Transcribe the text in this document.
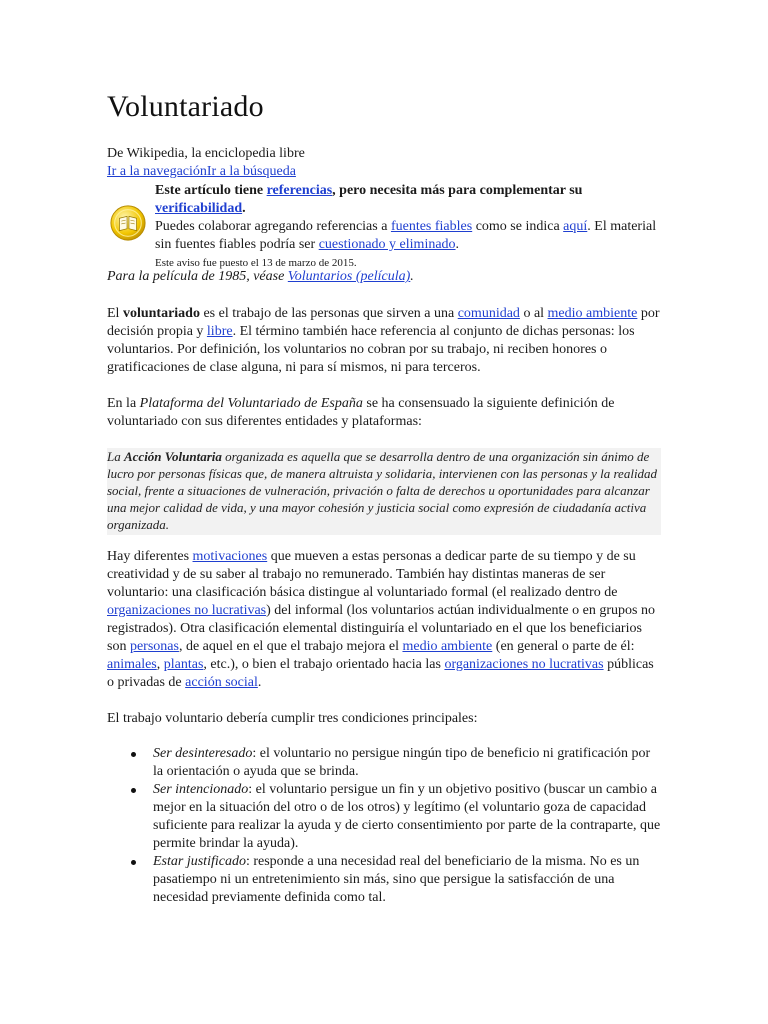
Voluntariado
De Wikipedia, la enciclopedia libre
Ir a la navegaciónIr a la búsqueda
Este artículo tiene referencias, pero necesita más para complementar su verificabilidad.
Puedes colaborar agregando referencias a fuentes fiables como se indica aquí. El material sin fuentes fiables podría ser cuestionado y eliminado.
Este aviso fue puesto el 13 de marzo de 2015.
Para la película de 1985, véase Voluntarios (película).

El voluntariado es el trabajo de las personas que sirven a una comunidad o al medio ambiente por decisión propia y libre. El término también hace referencia al conjunto de dichas personas: los voluntarios. Por definición, los voluntarios no cobran por su trabajo, ni reciben honores o gratificaciones de clase alguna, ni para sí mismos, ni para terceros.

En la Plataforma del Voluntariado de España se ha consensuado la siguiente definición de voluntariado con sus diferentes entidades y plataformas:

La Acción Voluntaria organizada es aquella que se desarrolla dentro de una organización sin ánimo de lucro por personas físicas que, de manera altruista y solidaria, intervienen con las personas y la realidad social, frente a situaciones de vulneración, privación o falta de derechos u oportunidades para alcanzar una mejor calidad de vida, y una mayor cohesión y justicia social como expresión de ciudadanía activa organizada.

Hay diferentes motivaciones que mueven a estas personas a dedicar parte de su tiempo y de su creatividad y de su saber al trabajo no remunerado. También hay distintas maneras de ser voluntario: una clasificación básica distingue al voluntariado formal (el realizado dentro de organizaciones no lucrativas) del informal (los voluntarios actúan individualmente o en grupos no registrados). Otra clasificación elemental distinguiría el voluntariado en el que los beneficiarios son personas, de aquel en el que el trabajo mejora el medio ambiente (en general o parte de él: animales, plantas, etc.), o bien el trabajo orientado hacia las organizaciones no lucrativas públicas o privadas de acción social.

El trabajo voluntario debería cumplir tres condiciones principales:

Ser desinteresado: el voluntario no persigue ningún tipo de beneficio ni gratificación por la orientación o ayuda que se brinda.
Ser intencionado: el voluntario persigue un fin y un objetivo positivo (buscar un cambio a mejor en la situación del otro o de los otros) y legítimo (el voluntario goza de capacidad suficiente para realizar la ayuda y de cierto consentimiento por parte de la contraparte, que permite brindar la ayuda).
Estar justificado: responde a una necesidad real del beneficiario de la misma. No es un pasatiempo ni un entretenimiento sin más, sino que persigue la satisfacción de una necesidad previamente definida como tal.
